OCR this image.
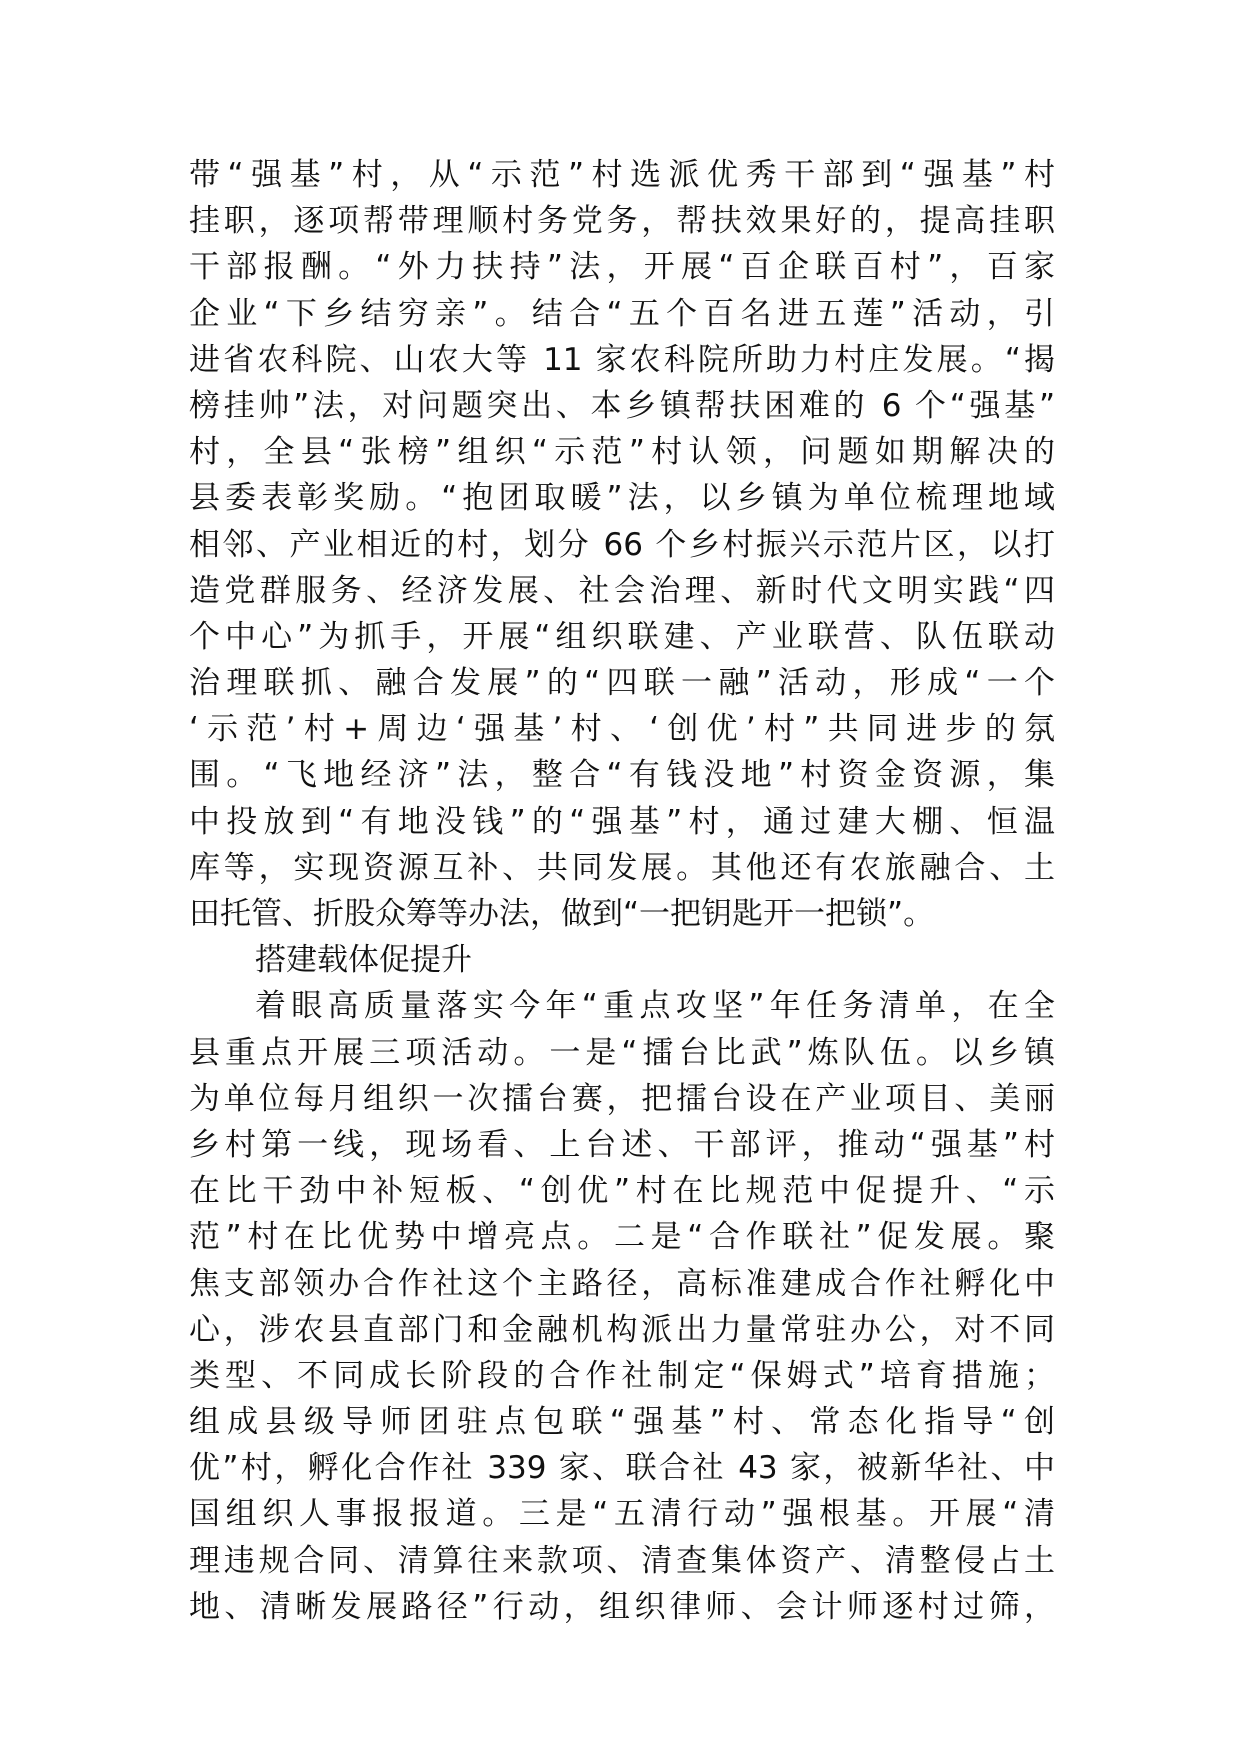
带“强基”村，从“示范”村选派优秀干部到“强基”村
挂职，逐项帮带理顺村务党务，帮扶效果好的，提高挂职
干部报酬。“外力扶持”法，开展“百企联百村”，百家
企业“下乡结穷亲”。结合“五个百名进五莲”活动，引
进省农科院、山农大等 11 家农科院所助力村庄发展。“揭
榜挂帅”法，对问题突出、本乡镇帮扶困难的 6 个“强基”
村，全县“张榜”组织“示范”村认领，问题如期解决的
县委表彰奖励。“抱团取暖”法，以乡镇为单位梳理地域
相邻、产业相近的村，划分 66 个乡村振兴示范片区，以打
造党群服务、经济发展、社会治理、新时代文明实践“四
个中心”为抓手，开展“组织联建、产业联营、队伍联动
治理联抓、融合发展”的“四联一融”活动，形成“一个
‘示范’村+周边‘强基’村、‘创优’村”共同进步的氛
围。“飞地经济”法，整合“有钱没地”村资金资源，集
中投放到“有地没钱”的“强基”村，通过建大棚、恒温
库等，实现资源互补、共同发展。其他还有农旅融合、土
田托管、折股众筹等办法，做到“一把钥匙开一把锁”。
搭建载体促提升
着眼高质量落实今年“重点攻坚”年任务清单，在全
县重点开展三项活动。一是“擂台比武”炼队伍。以乡镇
为单位每月组织一次擂台赛，把擂台设在产业项目、美丽
乡村第一线，现场看、上台述、干部评，推动“强基”村
在比干劲中补短板、“创优”村在比规范中促提升、“示
范”村在比优势中增亮点。二是“合作联社”促发展。聚
焦支部领办合作社这个主路径，高标准建成合作社孵化中
心，涉农县直部门和金融机构派出力量常驻办公，对不同
类型、不同成长阶段的合作社制定“保姆式”培育措施；
组成县级导师团驻点包联“强基”村、常态化指导“创
优”村，孵化合作社 339 家、联合社 43 家，被新华社、中
国组织人事报报道。三是“五清行动”强根基。开展“清
理违规合同、清算往来款项、清查集体资产、清整侵占土
地、清晰发展路径”行动，组织律师、会计师逐村过筛，
